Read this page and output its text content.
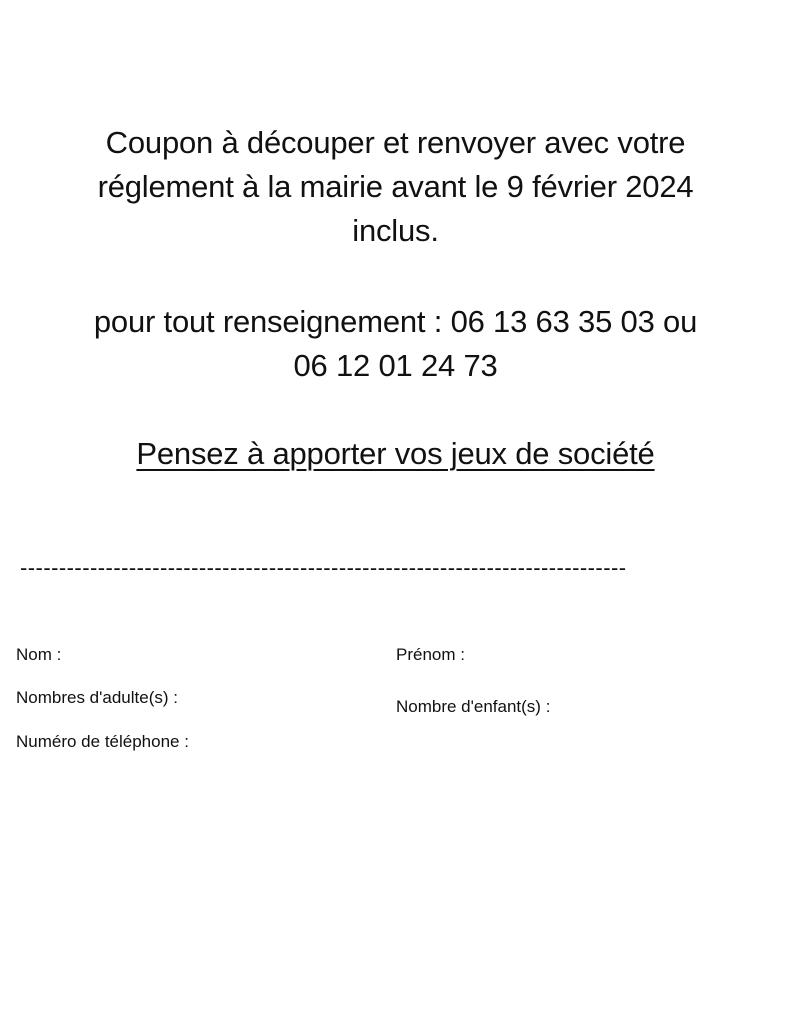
Coupon à découper et renvoyer avec votre

réglement à la mairie avant le 9 février 2024

inclus.

pour tout renseignement : 06 13 63 35 03 ou

06 12 01 24 73

Pensez à apporter vos jeux de société

------------------------------------------------------------------------------
Nom :
Nombres d'adulte(s) :
Numéro de téléphone :
Prénom :
Nombre d'enfant(s) :
